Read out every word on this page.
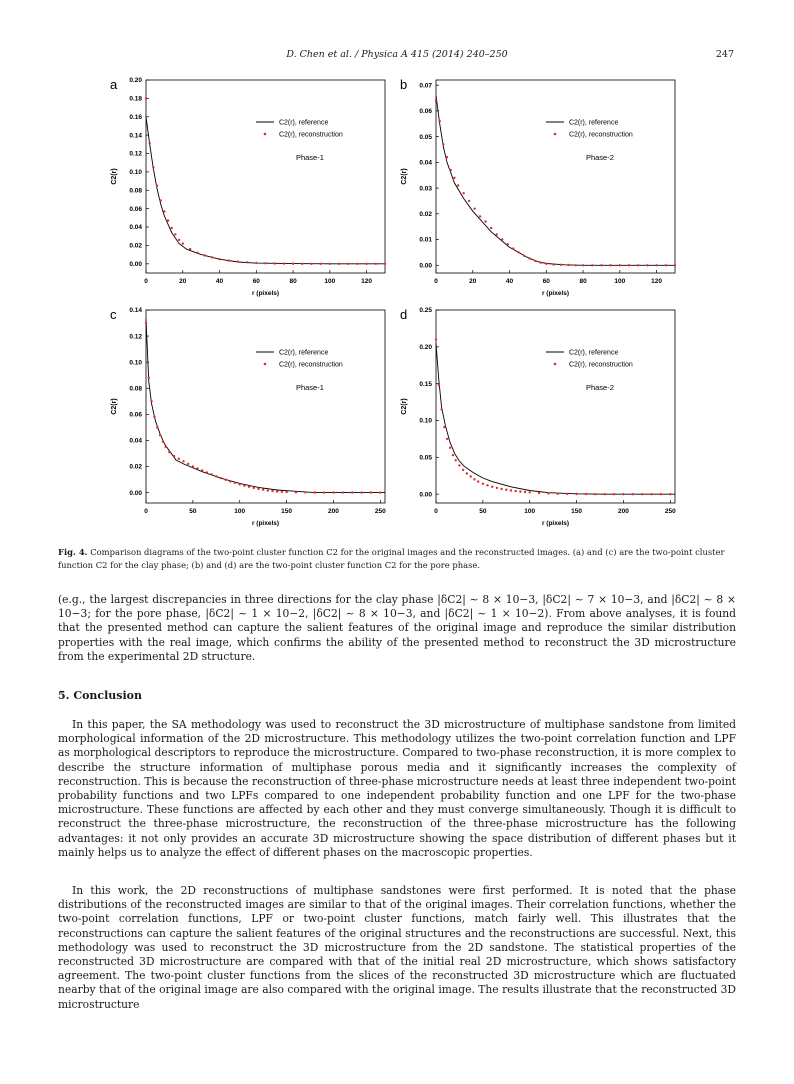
D. Chen et al. / Physica A 415 (2014) 240–250	247
a
0	20	40	60	80	100	120
0.00
0.02
0.04
0.06
0.08
0.10
0.12
0.14
0.16
0.18
0.20
r (pixels)
C2(r)
C2(r), reference
C2(r), reconstruction
Phase-1
b
0	20	40	60	80	100	120
0.00
0.01
0.02
0.03
0.04
0.05
0.06
0.07
r (pixels)
C2(r)
C2(r), reference
C2(r), reconstruction
Phase-2
c
0	50	100	150	200	250
0.00
0.02
0.04
0.06
0.08
0.10
0.12
0.14
r (pixels)
C2(r)
C2(r), reference
C2(r), reconstruction
Phase-1
d
0	50	100	150	200	250
0.00
0.05
0.10
0.15
0.20
0.25
r (pixels)
C2(r)
C2(r), reference
C2(r), reconstruction
Phase-2
Fig. 4. Comparison diagrams of the two-point cluster function C2 for the original images and the reconstructed images. (a) and (c) are the two-point cluster function C2 for the clay phase; (b) and (d) are the two-point cluster function C2 for the pore phase.
(e.g., the largest discrepancies in three directions for the clay phase |δC2| ∼ 8 × 10−3, |δC2| ∼ 7 × 10−3, and |δC2| ∼ 8 × 10−3; for the pore phase, |δC2| ∼ 1 × 10−2, |δC2| ∼ 8 × 10−3, and |δC2| ∼ 1 × 10−2). From above analyses, it is found that the presented method can capture the salient features of the original image and reproduce the similar distribution properties with the real image, which confirms the ability of the presented method to reconstruct the 3D microstructure from the experimental 2D structure.
5. Conclusion
In this paper, the SA methodology was used to reconstruct the 3D microstructure of multiphase sandstone from limited morphological information of the 2D microstructure. This methodology utilizes the two-point correlation function and LPF as morphological descriptors to reproduce the microstructure. Compared to two-phase reconstruction, it is more complex to describe the structure information of multiphase porous media and it significantly increases the complexity of reconstruction. This is because the reconstruction of three-phase microstructure needs at least three independent two-point probability functions and two LPFs compared to one independent probability function and one LPF for the two-phase microstructure. These functions are affected by each other and they must converge simultaneously. Though it is difficult to reconstruct the three-phase microstructure, the reconstruction of the three-phase microstructure has the following advantages: it not only provides an accurate 3D microstructure showing the space distribution of different phases but it mainly helps us to analyze the effect of different phases on the macroscopic properties.
In this work, the 2D reconstructions of multiphase sandstones were first performed. It is noted that the phase distributions of the reconstructed images are similar to that of the original images. Their correlation functions, whether the two-point correlation functions, LPF or two-point cluster functions, match fairly well. This illustrates that the reconstructions can capture the salient features of the original structures and the reconstructions are successful. Next, this methodology was used to reconstruct the 3D microstructure from the 2D sandstone. The statistical properties of the reconstructed 3D microstructure are compared with that of the initial real 2D microstructure, which shows satisfactory agreement. The two-point cluster functions from the slices of the reconstructed 3D microstructure which are fluctuated nearby that of the original image are also compared with the original image. The results illustrate that the reconstructed 3D microstructure
